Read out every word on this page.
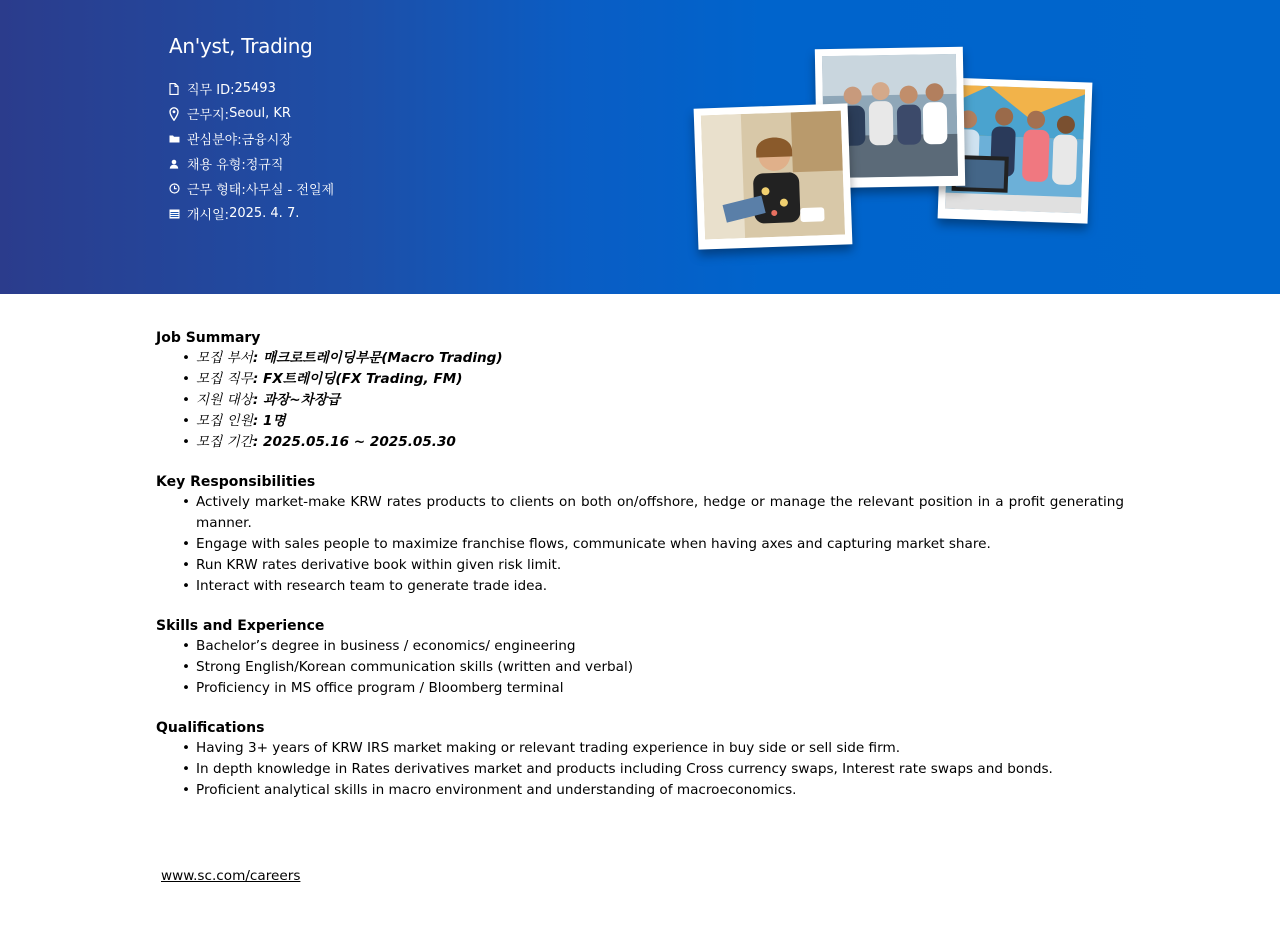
An'yst, Trading
직무 ID: 25493
근무지: Seoul, KR
관심분야: 금융시장
채용 유형: 정규직
근무 형태: 사무실 - 전일제
개시일: 2025. 4. 7.
Job Summary
• 모집 부서: 매크로트레이딩부문(Macro Trading)
• 모집 직무: FX트레이딩(FX Trading, FM)
• 지원 대상: 과장~차장급
• 모집 인원: 1명
• 모집 기간: 2025.05.16 ~ 2025.05.30
Key Responsibilities
• Actively market-make KRW rates products to clients on both on/offshore, hedge or manage the relevant position in a profit generating manner.
• Engage with sales people to maximize franchise flows, communicate when having axes and capturing market share.
• Run KRW rates derivative book within given risk limit.
• Interact with research team to generate trade idea.
Skills and Experience
• Bachelor’s degree in business / economics/ engineering
• Strong English/Korean communication skills (written and verbal)
• Proficiency in MS office program / Bloomberg terminal
Qualifications
• Having 3+ years of KRW IRS market making or relevant trading experience in buy side or sell side firm.
• In depth knowledge in Rates derivatives market and products including Cross currency swaps, Interest rate swaps and bonds.
• Proficient analytical skills in macro environment and understanding of macroeconomics.
www.sc.com/careers
